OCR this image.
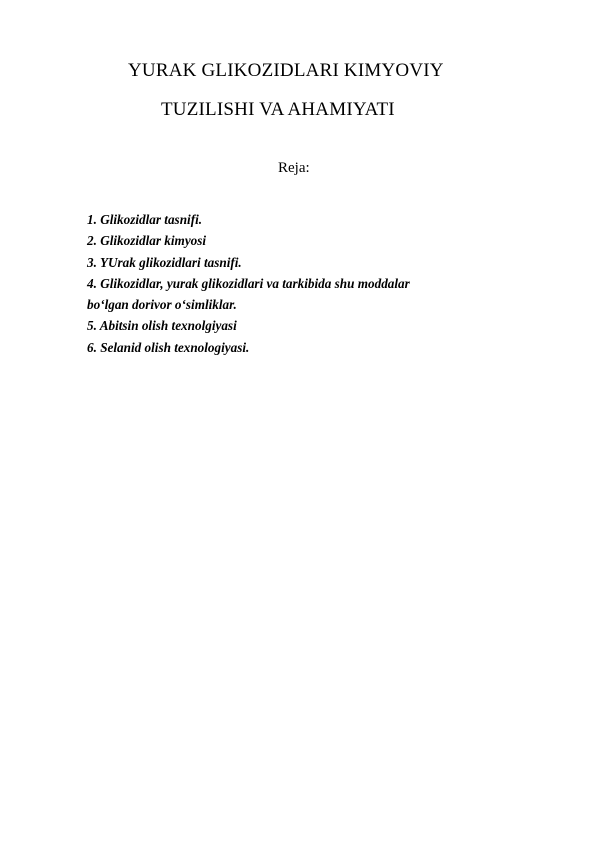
YURAK GLIKOZIDLARI KIMYOVIY
TUZILISHI VA AHAMIYATI
Reja:
1. Glikozidlar tasnifi.
2. Glikozidlar kimyosi
3. YUrak glikozidlari tasnifi.
4. Glikozidlar, yurak glikozidlari va tarkibida shu moddalar
bo‘lgan dorivor o‘simliklar.
5. Abitsin olish texnolgiyasi
6. Selanid olish texnologiyasi.
